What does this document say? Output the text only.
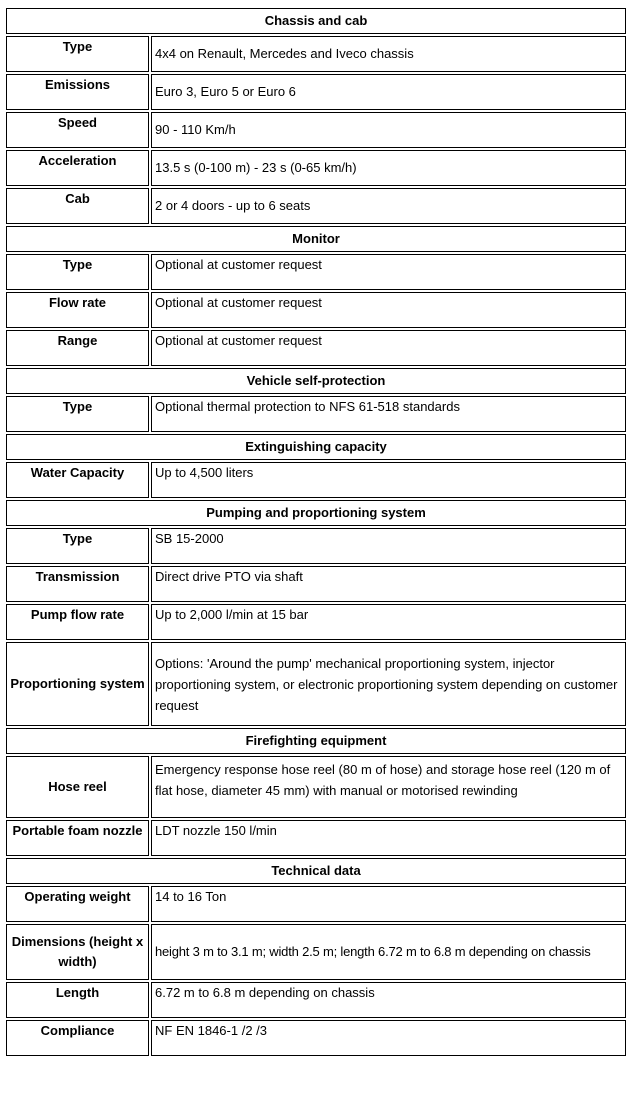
Chassis and cab	
Type	4x4 on Renault, Mercedes and Iveco chassis
Emissions	Euro 3, Euro 5 or Euro 6
Speed	90 - 110 Km/h
Acceleration	13.5 s (0-100 m) - 23 s (0-65 km/h)
Cab	2 or 4 doors - up to 6 seats
Monitor	
Type	Optional at customer request
Flow rate	Optional at customer request
Range	Optional at customer request
Vehicle self-protection	
Type	Optional thermal protection to NFS 61-518 standards
Extinguishing capacity	
Water Capacity	Up to 4,500 liters
Pumping and proportioning system	
Type	SB 15-2000
Transmission	Direct drive PTO via shaft
Pump flow rate	Up to 2,000 l/min at 15 bar
Proportioning system	Options: 'Around the pump' mechanical proportioning system, injector proportioning system, or electronic proportioning system depending on customer request
Firefighting equipment	
Hose reel	Emergency response hose reel (80 m of hose) and storage hose reel (120 m of flat hose, diameter 45 mm) with manual or motorised rewinding
Portable foam nozzle	LDT nozzle 150 l/min
Technical data	
Operating weight	14 to 16 Ton
Dimensions (height x width)	height 3 m to 3.1 m; width 2.5 m; length 6.72 m to 6.8 m depending on chassis
Length	6.72 m to 6.8 m depending on chassis
Compliance	NF EN 1846-1 /2 /3
